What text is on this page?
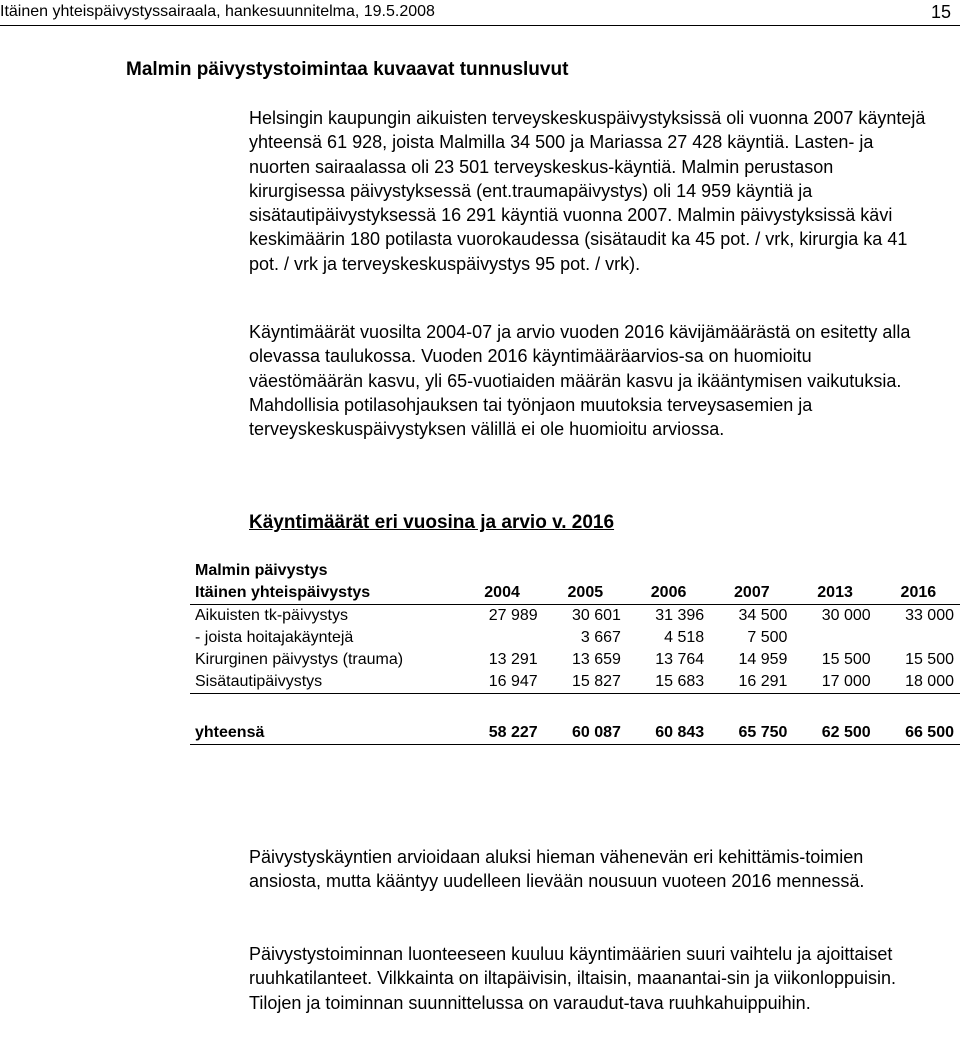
Itäinen yhteispäivystyssairaala, hankesuunnitelma, 19.5.2008	15
Malmin päivystystoimintaa kuvaavat tunnusluvut

Helsingin kaupungin aikuisten terveyskeskuspäivystyksissä oli vuonna 2007 käyntejä yhteensä 61 928, joista Malmilla 34 500 ja Mariassa 27 428 käyntiä. Lasten- ja nuorten sairaalassa oli 23 501 terveyskeskus-käyntiä. Malmin perustason kirurgisessa päivystyksessä (ent.traumapäivystys) oli 14 959 käyntiä ja sisätautipäivystyksessä 16 291 käyntiä vuonna 2007. Malmin päivystyksissä kävi keskimäärin 180 potilasta vuorokaudessa (sisätaudit ka 45 pot. / vrk, kirurgia ka 41 pot. / vrk ja terveyskeskuspäivystys 95 pot. / vrk).

Käyntimäärät vuosilta 2004-07 ja arvio vuoden 2016 kävijämäärästä on esitetty alla olevassa taulukossa. Vuoden 2016 käyntimääräarvios-sa on huomioitu väestömäärän kasvu, yli 65-vuotiaiden määrän kasvu ja ikääntymisen vaikutuksia. Mahdollisia potilasohjauksen tai työnjaon muutoksia terveysasemien ja terveyskeskuspäivystyksen välillä ei ole huomioitu arviossa.

Käyntimäärät eri vuosina ja arvio v. 2016
Malmin päivystys						
Itäinen yhteispäivystys	2004	2005	2006	2007	2013	2016
Aikuisten tk-päivystys	27 989	30 601	31 396	34 500	30 000	33 000
- joista hoitajakäyntejä		3 667	4 518	7 500		
Kirurginen päivystys (trauma)	13 291	13 659	13 764	14 959	15 500	15 500
Sisätautipäivystys	16 947	15 827	15 683	16 291	17 000	18 000

yhteensä	58 227	60 087	60 843	65 750	62 500	66 500

Päivystyskäyntien arvioidaan aluksi hieman vähenevän eri kehittämis-toimien ansiosta, mutta kääntyy uudelleen lievään nousuun vuoteen 2016 mennessä.

Päivystystoiminnan luonteeseen kuuluu käyntimäärien suuri vaihtelu ja ajoittaiset ruuhkatilanteet. Vilkkainta on iltapäivisin, iltaisin, maanantai-sin ja viikonloppuisin. Tilojen ja toiminnan suunnittelussa on varaudut-tava ruuhkahuippuihin.
